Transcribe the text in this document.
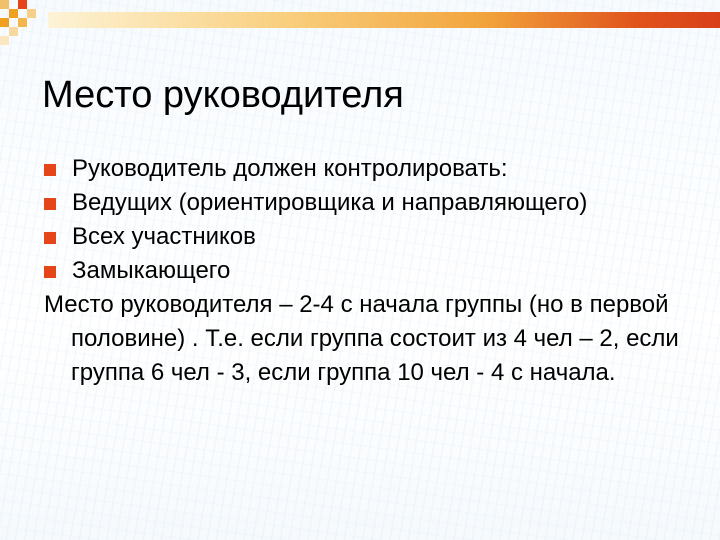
Место руководителя
Руководитель должен контролировать:
Ведущих (ориентировщика и направляющего)
Всех участников
Замыкающего
Место руководителя – 2-4 с начала группы (но в первой половине) . Т.е. если группа состоит из 4 чел – 2, если группа 6 чел - 3, если группа 10 чел - 4 с начала.
